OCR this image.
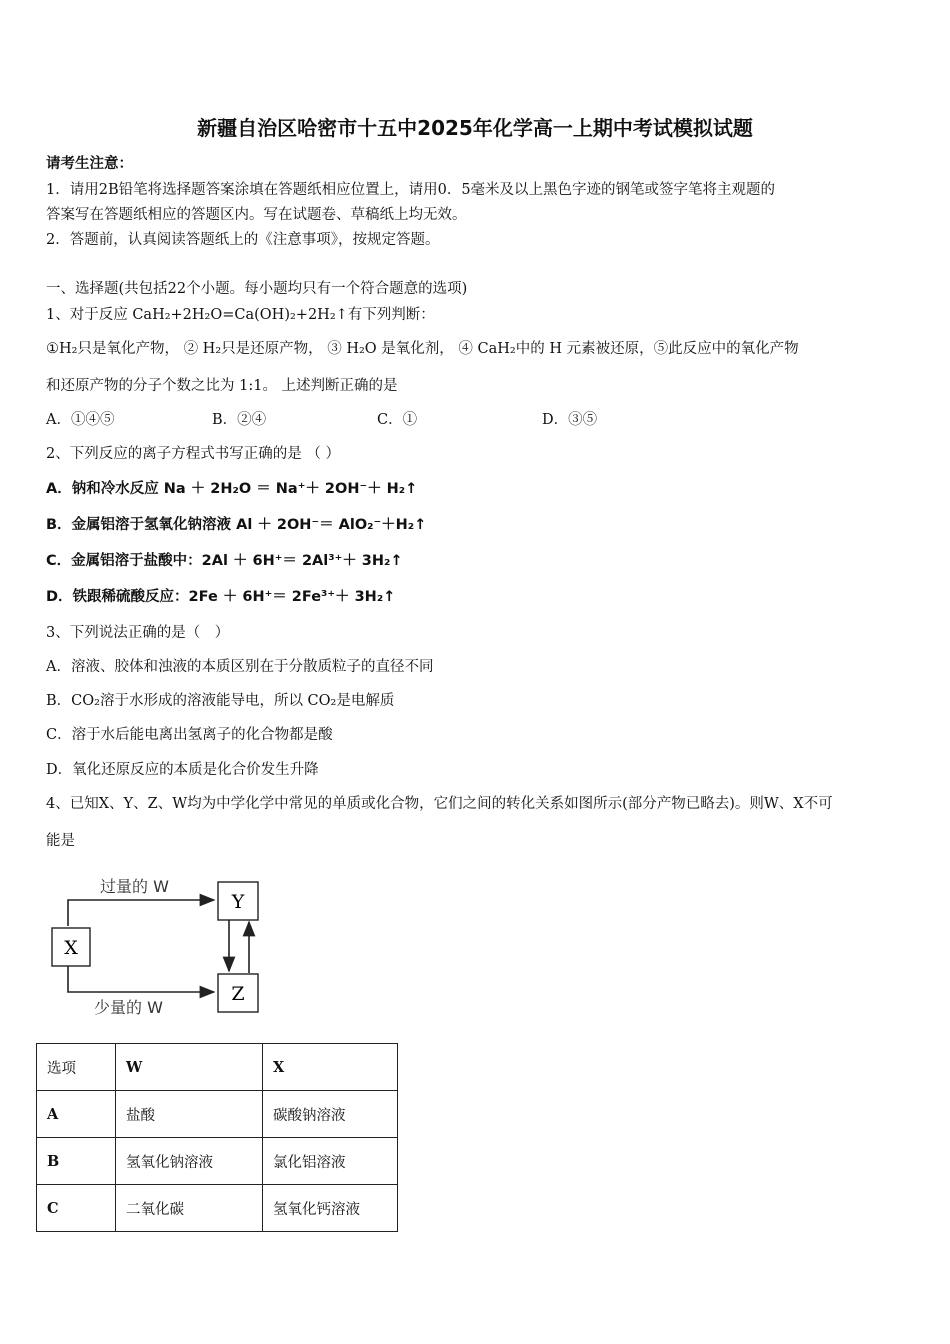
新疆自治区哈密市十五中2025年化学高一上期中考试模拟试题
请考生注意：
1．请用2B铅笔将选择题答案涂填在答题纸相应位置上，请用0．5毫米及以上黑色字迹的钢笔或签字笔将主观题的
答案写在答题纸相应的答题区内。写在试题卷、草稿纸上均无效。
2．答题前，认真阅读答题纸上的《注意事项》，按规定答题。
一、选择题(共包括22个小题。每小题均只有一个符合题意的选项)
1、对于反应 CaH₂+2H₂O=Ca(OH)₂+2H₂↑有下列判断：
①H₂只是氧化产物， ② H₂只是还原产物， ③ H₂O 是氧化剂， ④ CaH₂中的 H 元素被还原，⑤此反应中的氧化产物
和还原产物的分子个数之比为 1:1。 上述判断正确的是
A．①④⑤	B．②④	C．①	D．③⑤
2、下列反应的离子方程式书写正确的是 （ ）
A．钠和冷水反应 Na ＋ 2H₂O ＝ Na⁺＋ 2OH⁻＋ H₂↑
B．金属铝溶于氢氧化钠溶液 Al ＋ 2OH⁻＝ AlO₂⁻＋H₂↑
C．金属铝溶于盐酸中：2Al ＋ 6H⁺＝ 2Al³⁺＋ 3H₂↑
D．铁跟稀硫酸反应：2Fe ＋ 6H⁺＝ 2Fe³⁺＋ 3H₂↑
3、下列说法正确的是（　）
A．溶液、胶体和浊液的本质区别在于分散质粒子的直径不同
B．CO₂溶于水形成的溶液能导电，所以 CO₂是电解质
C．溶于水后能电离出氢离子的化合物都是酸
D．氧化还原反应的本质是化合价发生升降
4、已知X、Y、Z、W均为中学化学中常见的单质或化合物，它们之间的转化关系如图所示(部分产物已略去)。则W、X不可
能是
X
Y
Z
过量的 W
少量的 W
选项	W	X
A	盐酸	碳酸钠溶液
B	氢氧化钠溶液	氯化铝溶液
C	二氧化碳	氢氧化钙溶液
